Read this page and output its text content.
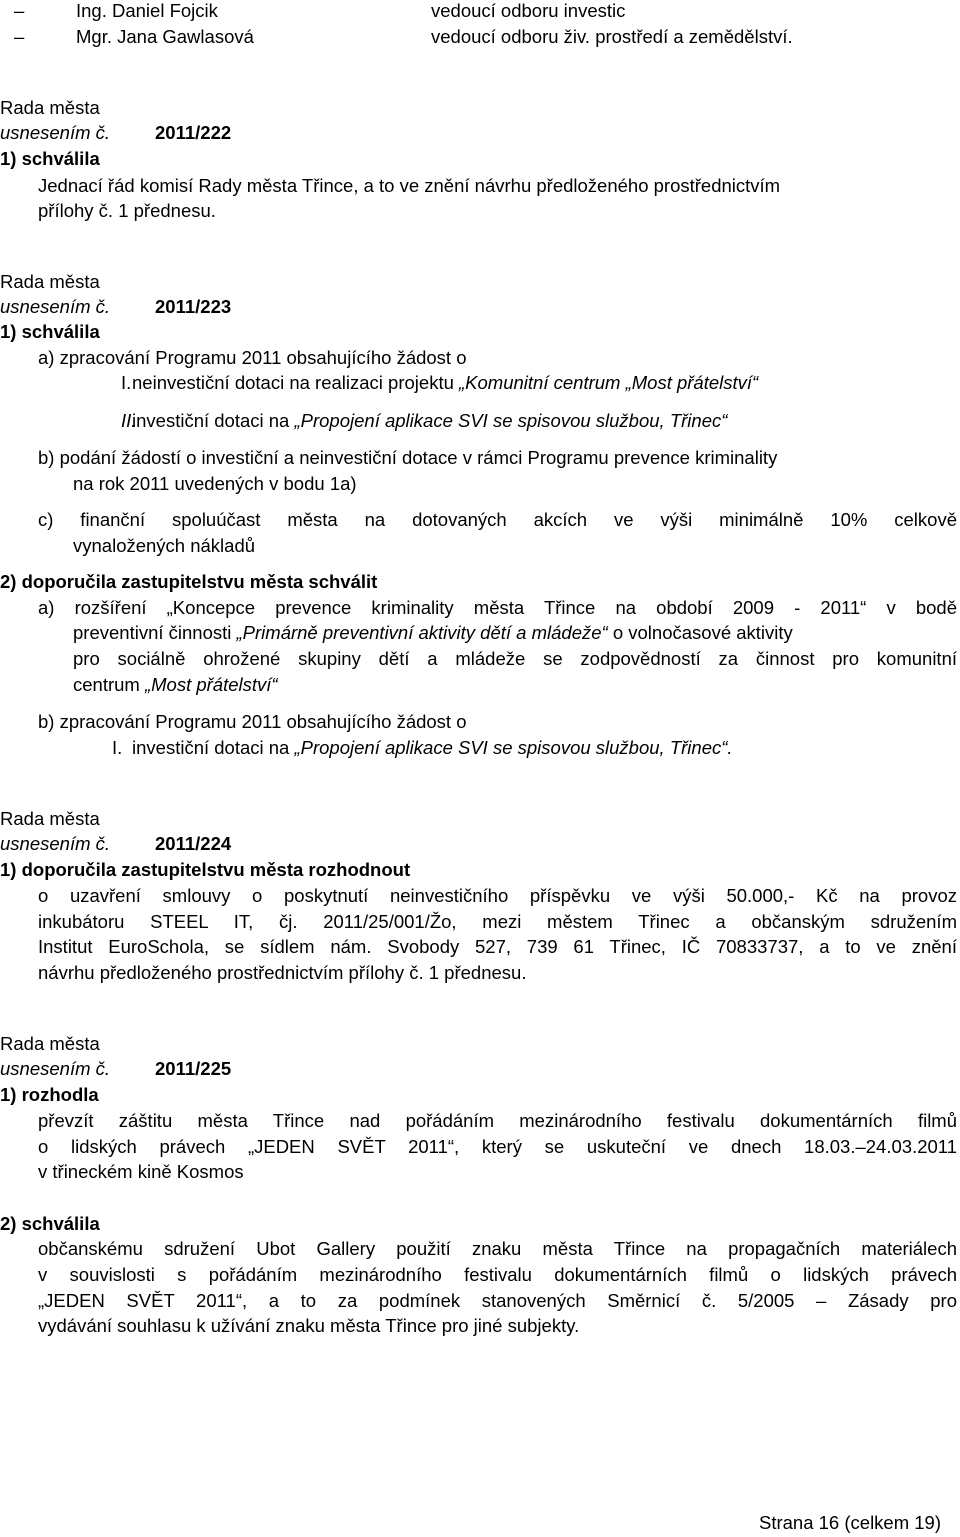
–	Ing. Daniel Fojcik	vedoucí odboru investic
–	Mgr. Jana Gawlasová	vedoucí odboru živ. prostředí a zemědělství.
Rada města
usnesením č. 2011/222
1) schválila
Jednací řád komisí Rady města Třince, a to ve znění návrhu předloženého prostřednictvím
přílohy č. 1 přednesu.
Rada města
usnesením č. 2011/223
1) schválila
a) zpracování Programu 2011 obsahujícího žádost o
I. neinvestiční dotaci na realizaci projektu „Komunitní centrum „Most přátelství“
II.
investiční dotaci na „Propojení aplikace SVI se spisovou službou, Třinec“
b) podání žádostí o investiční a neinvestiční dotace v rámci Programu prevence kriminality
na rok 2011 uvedených v bodu 1a)
c) finanční spoluúčast města na dotovaných akcích ve výši minimálně 10% celkově
vynaložených nákladů
2) doporučila zastupitelstvu města schválit
a) rozšíření „Koncepce prevence kriminality města Třince na období 2009 - 2011“ v bodě
preventivní činnosti „Primárně preventivní aktivity dětí a mládeže“ o volnočasové aktivity
pro sociálně ohrožené skupiny dětí a mládeže se zodpovědností za činnost pro komunitní
centrum „Most přátelství“
b) zpracování Programu 2011 obsahujícího žádost o
I. investiční dotaci na „Propojení aplikace SVI se spisovou službou, Třinec“.
Rada města
usnesením č. 2011/224
1) doporučila zastupitelstvu města rozhodnout
o uzavření smlouvy o poskytnutí neinvestičního příspěvku ve výši 50.000,- Kč na provoz
inkubátoru STEEL IT, čj. 2011/25/001/Žo, mezi městem Třinec a občanským sdružením
Institut EuroSchola, se sídlem nám. Svobody 527, 739 61 Třinec, IČ 70833737, a to ve znění
návrhu předloženého prostřednictvím přílohy č. 1 přednesu.
Rada města
usnesením č. 2011/225
1) rozhodla
převzít záštitu města Třince nad pořádáním mezinárodního festivalu dokumentárních filmů
o lidských právech „JEDEN SVĚT 2011“, který se uskuteční ve dnech 18.03.–24.03.2011
v třineckém kině Kosmos
2) schválila
občanskému sdružení Ubot Gallery použití znaku města Třince na propagačních materiálech
v souvislosti s pořádáním mezinárodního festivalu dokumentárních filmů o lidských právech
„JEDEN SVĚT 2011“, a to za podmínek stanovených Směrnicí č. 5/2005 – Zásady pro
vydávání souhlasu k užívání znaku města Třince pro jiné subjekty.
Strana 16 (celkem 19)
